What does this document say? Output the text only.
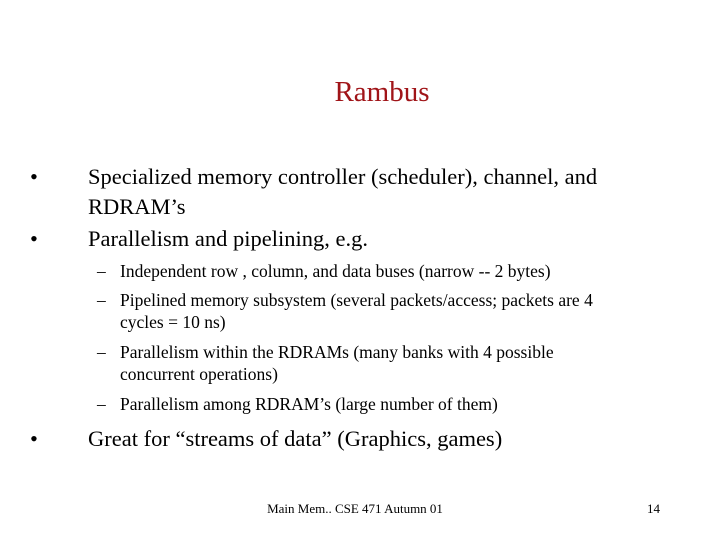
Rambus
•	Specialized memory controller (scheduler), channel, and
RDRAM’s
•	Parallelism and pipelining, e.g.
– Independent row , column, and data buses (narrow -- 2 bytes)
– Pipelined memory subsystem (several packets/access; packets are 4
cycles = 10 ns)
– Parallelism within the RDRAMs (many banks with 4 possible
concurrent operations)
– Parallelism among RDRAM’s (large number of them)
•	Great for “streams of data” (Graphics, games)
Main Mem.. CSE 471 Autumn 01	14
